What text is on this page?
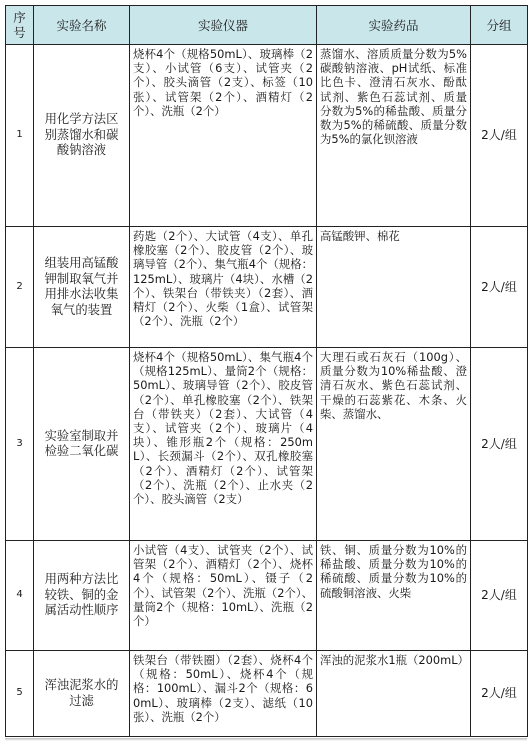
序号	实验名称	实验仪器	实验药品	分组
1	用化学方法区别蒸馏水和碳酸钠溶液	烧杯4个（规格50mL）、玻璃棒（2支）、小试管（6支）、试管夹（2个）、胶头滴管（2支）、标签（10张）、试管架（2个）、酒精灯（2个）、洗瓶（2个）	蒸馏水、溶质质量分数为5%碳酸钠溶液、pH试纸、标准比色卡、澄清石灰水、酚酞试剂、紫色石蕊试剂、质量分数为5%的稀盐酸、质量分数为5%的稀硫酸、质量分数为5%的氯化钡溶液	2人/组
2	组装用高锰酸钾制取氧气并用排水法收集氧气的装置	药匙（2个）、大试管（4支）、单孔橡胶塞（2个）、胶皮管（2个）、玻璃导管（2个）、集气瓶4个（规格：125mL）、玻璃片（4块）、水槽（2个）、铁架台（带铁夹）（2套）、酒精灯（2个）、火柴（1盒）、试管架（2个）、洗瓶（2个）	高锰酸钾、棉花	2人/组
3	实验室制取并检验二氧化碳	烧杯4个（规格50mL）、集气瓶4个（规格125mL）、量筒2个（规格：50mL）、玻璃导管（2个）、胶皮管（2个）、单孔橡胶塞（2个）、铁架台（带铁夹）（2套）、大试管（4支）、试管夹（2个）、玻璃片（4块）、锥形瓶2个（规格：250mL）、长颈漏斗（2个）、双孔橡胶塞（2个）、酒精灯（2个）、试管架（2个）、洗瓶（2个）、止水夹（2个）、胶头滴管（2支）	大理石或石灰石（100g）、质量分数为10%稀盐酸、澄清石灰水、紫色石蕊试剂、干燥的石蕊紫花、木条、火柴、蒸馏水、	2人/组
4	用两种方法比较铁、铜的金属活动性顺序	小试管（4支）、试管夹（2个）、试管架（2个）、酒精灯（2个）、烧杯4个（规格：50mL）、镊子（2个）、试管架（2个）、洗瓶（2个）、量筒2个（规格：10mL）、洗瓶（2个）	铁、铜、质量分数为10%的稀盐酸、质量分数为10%的稀硫酸、质量分数为10%的硫酸铜溶液、火柴	2人/组
5	浑浊泥浆水的过滤	铁架台（带铁圈）（2套）、烧杯4个（规格：50mL）、烧杯4个（规格：100mL）、漏斗2个（规格：60mL）、玻璃棒（2支）、滤纸（10张）、洗瓶（2个）	浑浊的泥浆水1瓶（200mL）	2人/组
